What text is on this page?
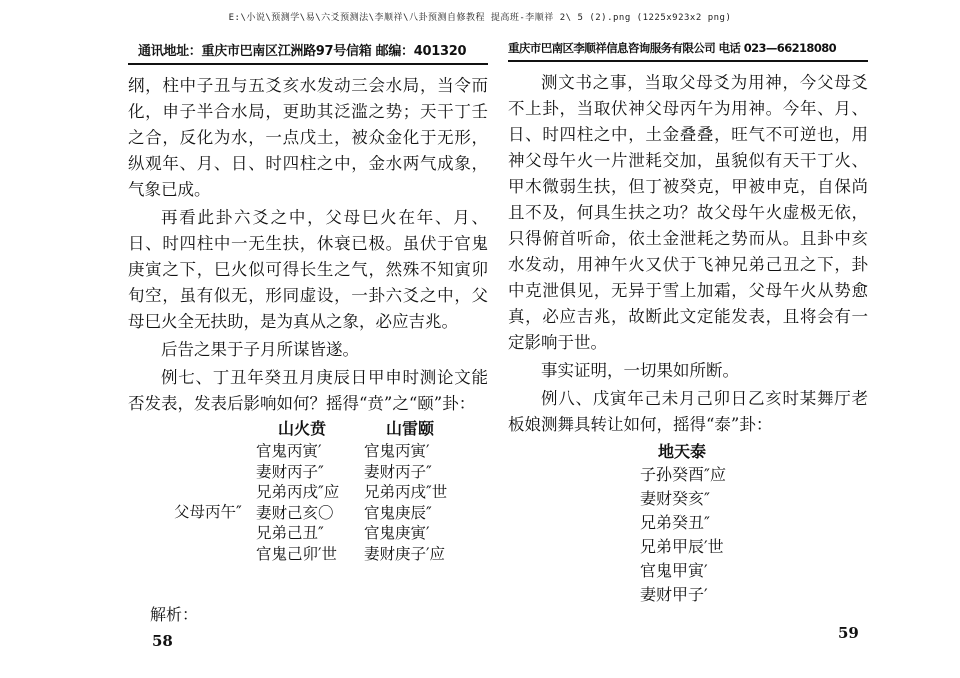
E:\小说\预测学\易\六爻预测法\李顺祥\八卦预测自修教程 提高班-李顺祥 2\ 5 (2).png (1225x923x2 png)
通讯地址：重庆市巴南区江洲路97号信箱 邮编：401320

纲，柱中子丑与五爻亥水发动三会水局，当令而化，申子半合水局，更助其泛滥之势；天干丁壬之合，反化为水，一点戊土，被众金化于无形，纵观年、月、日、时四柱之中，金水两气成象，气象已成。

再看此卦六爻之中，父母巳火在年、月、日、时四柱中一无生扶，休衰已极。虽伏于官鬼庚寅之下，巳火似可得长生之气，然殊不知寅卯旬空，虽有似无，形同虚设，一卦六爻之中，父母巳火全无扶助，是为真从之象，必应吉兆。

后告之果于子月所谋皆遂。

例七、丁丑年癸丑月庚辰日甲申时测论文能否发表，发表后影响如何？摇得“贲”之“颐”卦：

山火贲	山雷颐
官鬼丙寅′
妻财丙子″
兄弟丙戌″应
妻财己亥〇
兄弟己丑″
官鬼己卯′世
官鬼丙寅′
妻财丙子″
兄弟丙戌″世
官鬼庚辰″
官鬼庚寅′
妻财庚子′应
父母丙午″
解析：
58
重庆市巴南区李顺祥信息咨询服务有限公司 电话 023—66218080

测文书之事，当取父母爻为用神，今父母爻不上卦，当取伏神父母丙午为用神。今年、月、日、时四柱之中，土金叠叠，旺气不可逆也，用神父母午火一片泄耗交加，虽貌似有天干丁火、甲木微弱生扶，但丁被癸克，甲被申克，自保尚且不及，何具生扶之功？故父母午火虚极无依，只得俯首听命，依土金泄耗之势而从。且卦中亥水发动，用神午火又伏于飞神兄弟己丑之下，卦中克泄俱见，无异于雪上加霜，父母午火从势愈真，必应吉兆，故断此文定能发表，且将会有一定影响于世。

事实证明，一切果如所断。

例八、戊寅年己未月己卯日乙亥时某舞厅老板娘测舞具转让如何，摇得“泰”卦：

地天泰
子孙癸酉″应
妻财癸亥″
兄弟癸丑″
兄弟甲辰′世
官鬼甲寅′
妻财甲子′
59
